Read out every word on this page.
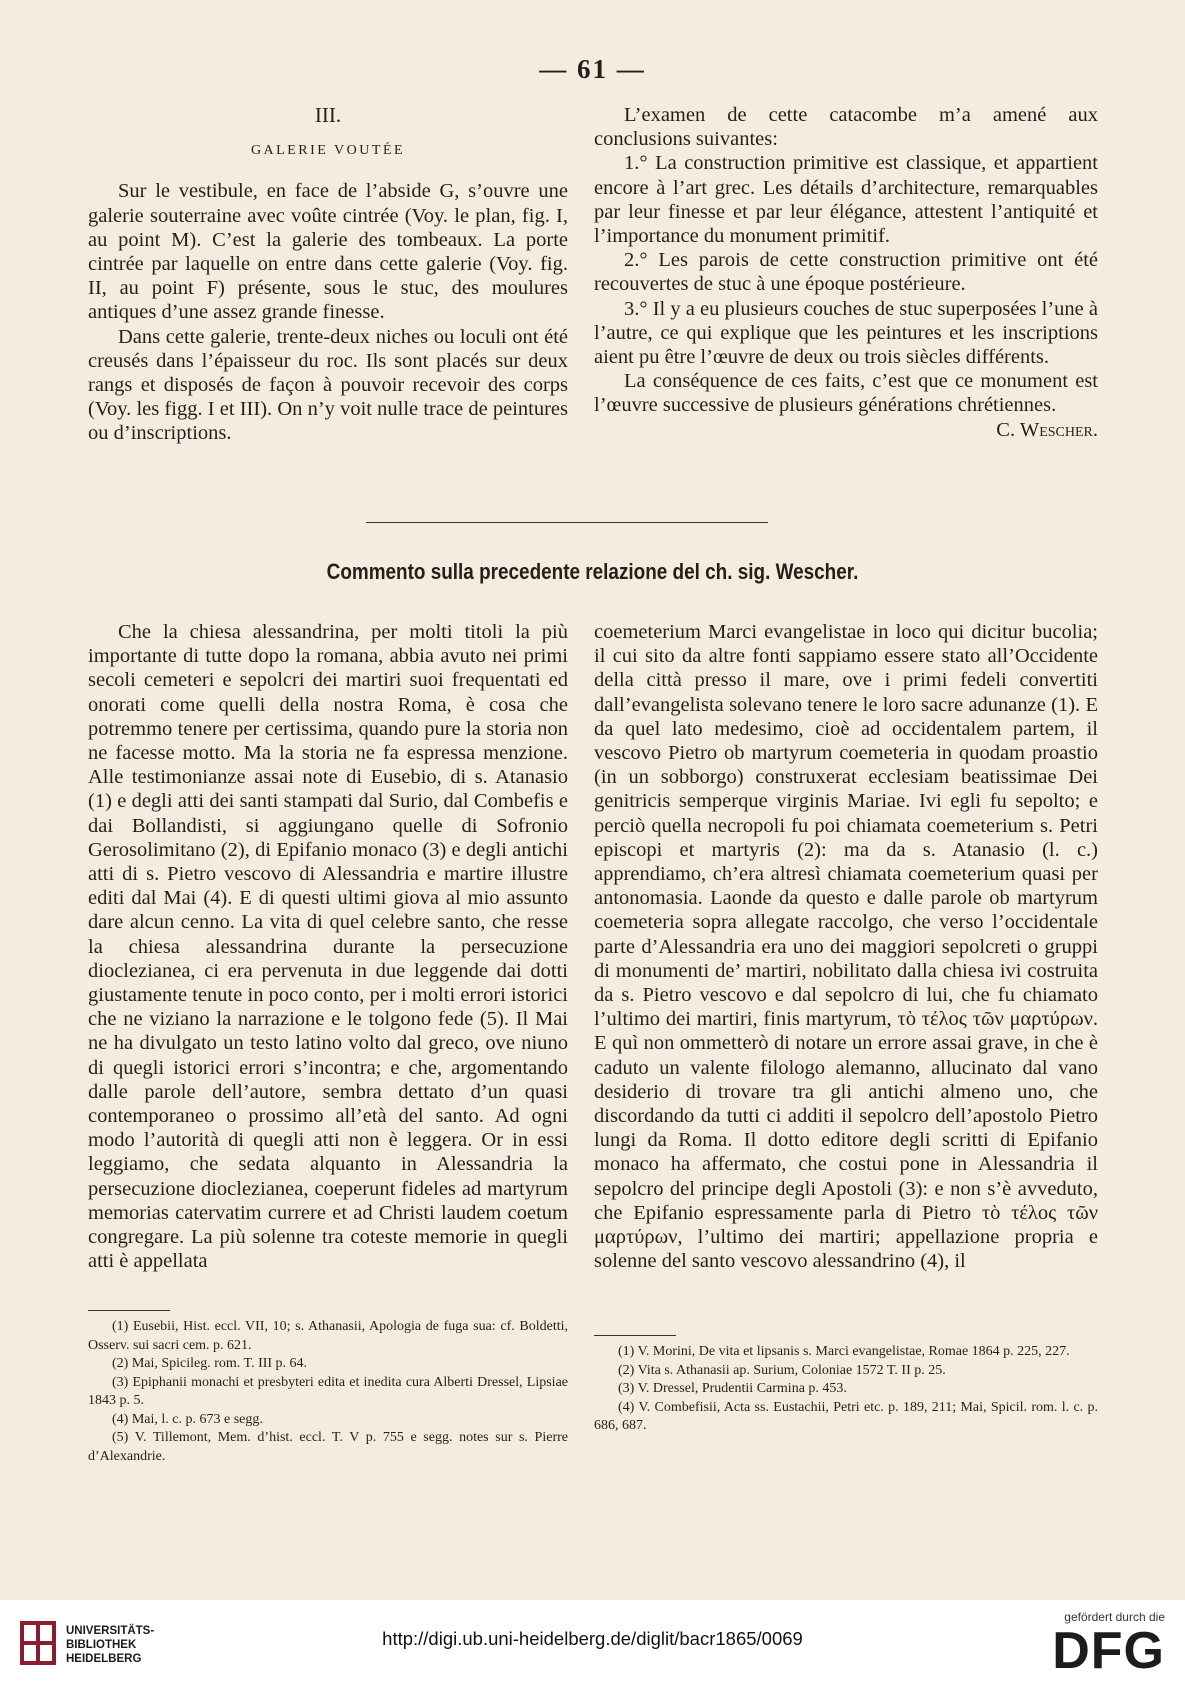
— 61 —
III.
GALERIE VOUTÉE

Sur le vestibule, en face de l’abside G, s’ouvre une galerie souterraine avec voûte cintrée (Voy. le plan, fig. I, au point M). C’est la galerie des tombeaux. La porte cintrée par laquelle on entre dans cette galerie (Voy. fig. II, au point F) présente, sous le stuc, des moulures antiques d’une assez grande finesse.

Dans cette galerie, trente-deux niches ou loculi ont été creusés dans l’épaisseur du roc. Ils sont placés sur deux rangs et disposés de façon à pouvoir recevoir des corps (Voy. les figg. I et III). On n’y voit nulle trace de peintures ou d’inscriptions.

L’examen de cette catacombe m’a amené aux conclusions suivantes:

1.° La construction primitive est classique, et appartient encore à l’art grec. Les détails d’architecture, remarquables par leur finesse et par leur élégance, attestent l’antiquité et l’importance du monument primitif.

2.° Les parois de cette construction primitive ont été recouvertes de stuc à une époque postérieure.

3.° Il y a eu plusieurs couches de stuc superposées l’une à l’autre, ce qui explique que les peintures et les inscriptions aient pu être l’œuvre de deux ou trois siècles différents.

La conséquence de ces faits, c’est que ce monument est l’œuvre successive de plusieurs générations chrétiennes.

C. Wescher.

Commento sulla precedente relazione del ch. sig. Wescher.

Che la chiesa alessandrina, per molti titoli la più importante di tutte dopo la romana, abbia avuto nei primi secoli cemeteri e sepolcri dei martiri suoi frequentati ed onorati come quelli della nostra Roma, è cosa che potremmo tenere per certissima, quando pure la storia non ne facesse motto. Ma la storia ne fa espressa menzione. Alle testimonianze assai note di Eusebio, di s. Atanasio (1) e degli atti dei santi stampati dal Surio, dal Combefis e dai Bollandisti, si aggiungano quelle di Sofronio Gerosolimitano (2), di Epifanio monaco (3) e degli antichi atti di s. Pietro vescovo di Alessandria e martire illustre editi dal Mai (4). E di questi ultimi giova al mio assunto dare alcun cenno. La vita di quel celebre santo, che resse la chiesa alessandrina durante la persecuzione dioclezianea, ci era pervenuta in due leggende dai dotti giustamente tenute in poco conto, per i molti errori istorici che ne viziano la narrazione e le tolgono fede (5). Il Mai ne ha divulgato un testo latino volto dal greco, ove niuno di quegli istorici errori s’incontra; e che, argomentando dalle parole dell’autore, sembra dettato d’un quasi contemporaneo o prossimo all’età del santo. Ad ogni modo l’autorità di quegli atti non è leggera. Or in essi leggiamo, che sedata alquanto in Alessandria la persecuzione dioclezianea, coeperunt fideles ad martyrum memorias catervatim currere et ad Christi laudem coetum congregare. La più solenne tra coteste memorie in quegli atti è appellata

coemeterium Marci evangelistae in loco qui dicitur bucolia; il cui sito da altre fonti sappiamo essere stato all’Occidente della città presso il mare, ove i primi fedeli convertiti dall’evangelista solevano tenere le loro sacre adunanze (1). E da quel lato medesimo, cioè ad occidentalem partem, il vescovo Pietro ob martyrum coemeteria in quodam proastio (in un sobborgo) construxerat ecclesiam beatissimae Dei genitricis semperque virginis Mariae. Ivi egli fu sepolto; e perciò quella necropoli fu poi chiamata coemeterium s. Petri episcopi et martyris (2): ma da s. Atanasio (l. c.) apprendiamo, ch’era altresì chiamata coemeterium quasi per antonomasia. Laonde da questo e dalle parole ob martyrum coemeteria sopra allegate raccolgo, che verso l’occidentale parte d’Alessandria era uno dei maggiori sepolcreti o gruppi di monumenti de’ martiri, nobilitato dalla chiesa ivi costruita da s. Pietro vescovo e dal sepolcro di lui, che fu chiamato l’ultimo dei martiri, finis martyrum, τὸ τέλος τῶν μαρτύρων. E quì non ommetterò di notare un errore assai grave, in che è caduto un valente filologo alemanno, allucinato dal vano desiderio di trovare tra gli antichi almeno uno, che discordando da tutti ci additi il sepolcro dell’apostolo Pietro lungi da Roma. Il dotto editore degli scritti di Epifanio monaco ha affermato, che costui pone in Alessandria il sepolcro del principe degli Apostoli (3): e non s’è avveduto, che Epifanio espressamente parla di Pietro τὸ τέλος τῶν μαρτύρων, l’ultimo dei martiri; appellazione propria e solenne del santo vescovo alessandrino (4), il

(1) Eusebii, Hist. eccl. VII, 10; s. Athanasii, Apologia de fuga sua: cf. Boldetti, Osserv. sui sacri cem. p. 621.

(2) Mai, Spicileg. rom. T. III p. 64.

(3) Epiphanii monachi et presbyteri edita et inedita cura Alberti Dressel, Lipsiae 1843 p. 5.

(4) Mai, l. c. p. 673 e segg.

(5) V. Tillemont, Mem. d’hist. eccl. T. V p. 755 e segg. notes sur s. Pierre d’Alexandrie.

(1) V. Morini, De vita et lipsanis s. Marci evangelistae, Romae 1864 p. 225, 227.

(2) Vita s. Athanasii ap. Surium, Coloniae 1572 T. II p. 25.

(3) V. Dressel, Prudentii Carmina p. 453.

(4) V. Combefisii, Acta ss. Eustachii, Petri etc. p. 189, 211; Mai, Spicil. rom. l. c. p. 686, 687.

UNIVERSITÄTS-
BIBLIOTHEK
HEIDELBERG
http://digi.ub.uni-heidelberg.de/diglit/bacr1865/0069
gefördert durch die
DFG
